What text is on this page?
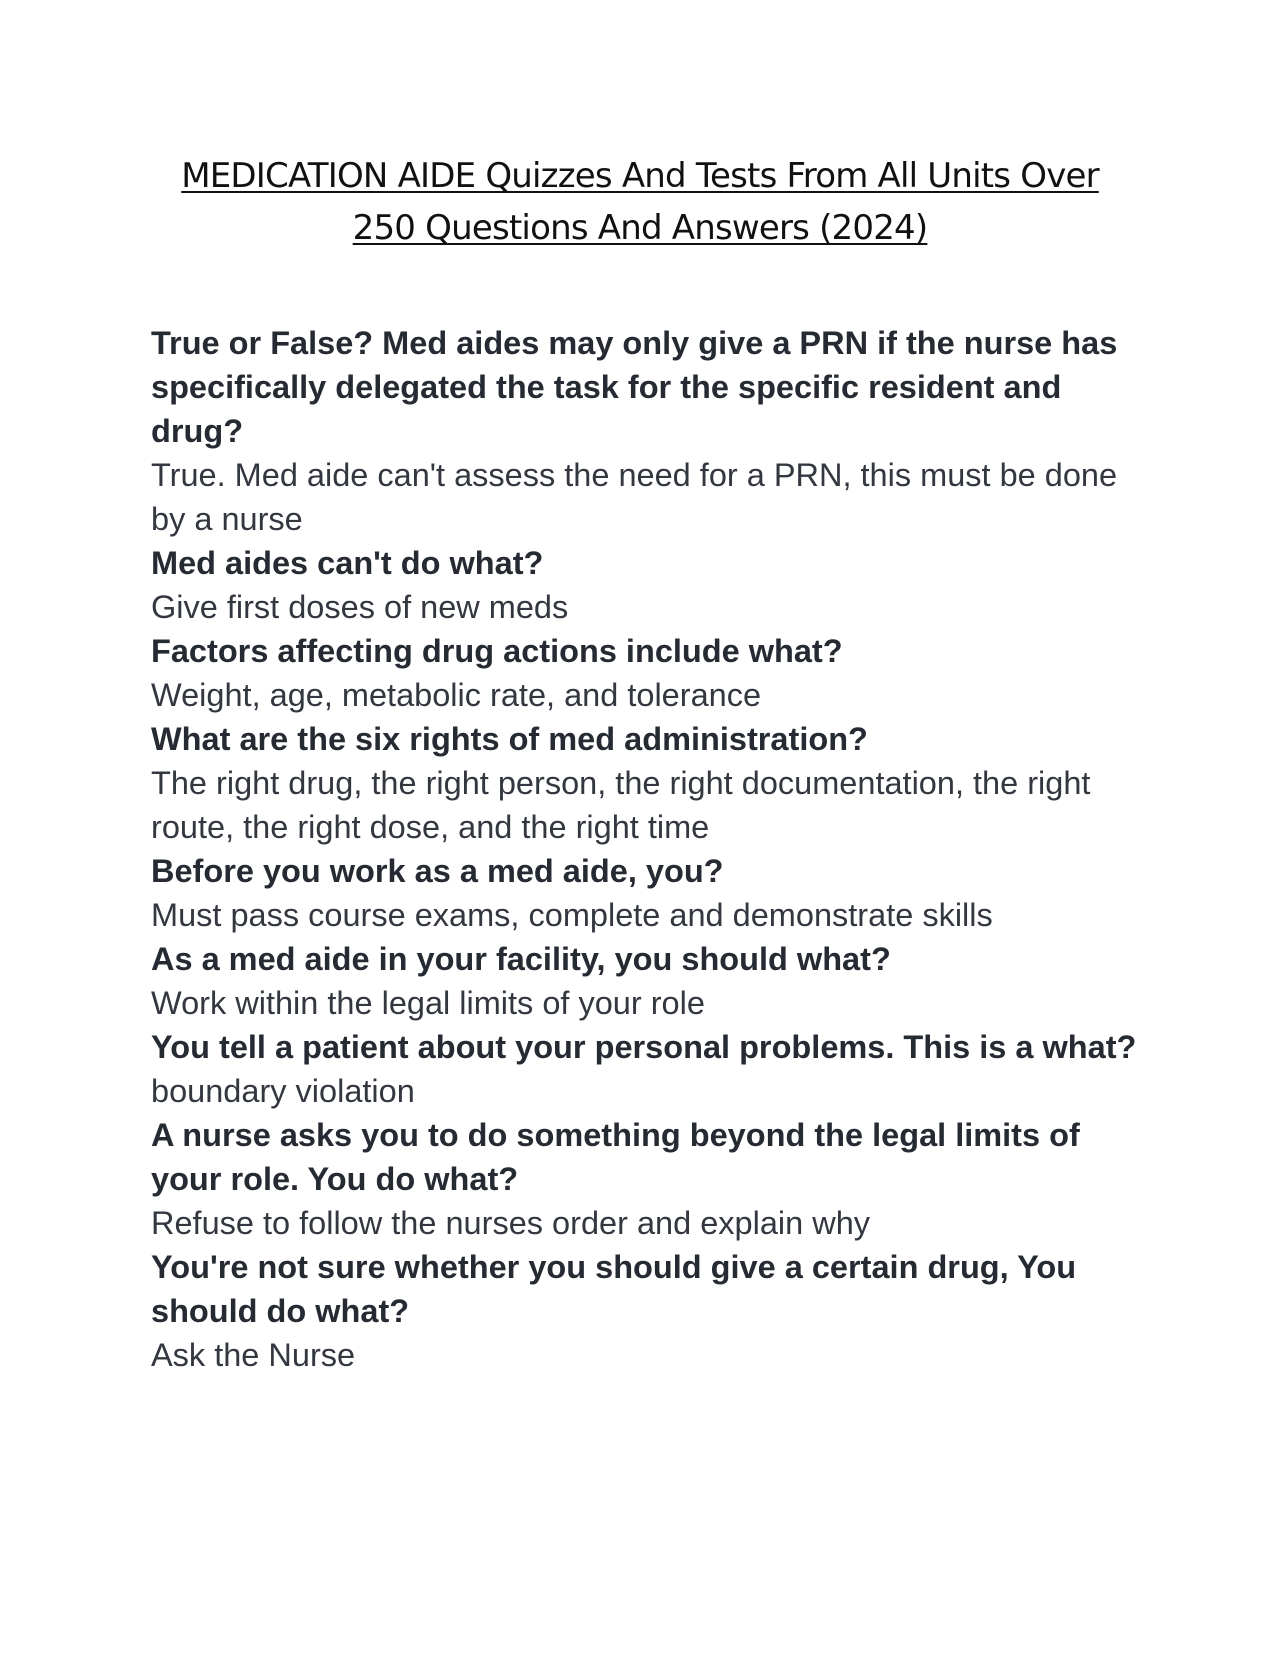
MEDICATION AIDE Quizzes And Tests From All Units Over
250 Questions And Answers (2024)

True or False? Med aides may only give a PRN if the nurse has specifically delegated the task for the specific resident and drug?

True. Med aide can't assess the need for a PRN, this must be done by a nurse

Med aides can't do what?

Give first doses of new meds

Factors affecting drug actions include what?

Weight, age, metabolic rate, and tolerance

What are the six rights of med administration?

The right drug, the right person, the right documentation, the right route, the right dose, and the right time

Before you work as a med aide, you?

Must pass course exams, complete and demonstrate skills

As a med aide in your facility, you should what?

Work within the legal limits of your role

You tell a patient about your personal problems. This is a what?

boundary violation

A nurse asks you to do something beyond the legal limits of your role. You do what?

Refuse to follow the nurses order and explain why

You're not sure whether you should give a certain drug, You should do what?

Ask the Nurse
